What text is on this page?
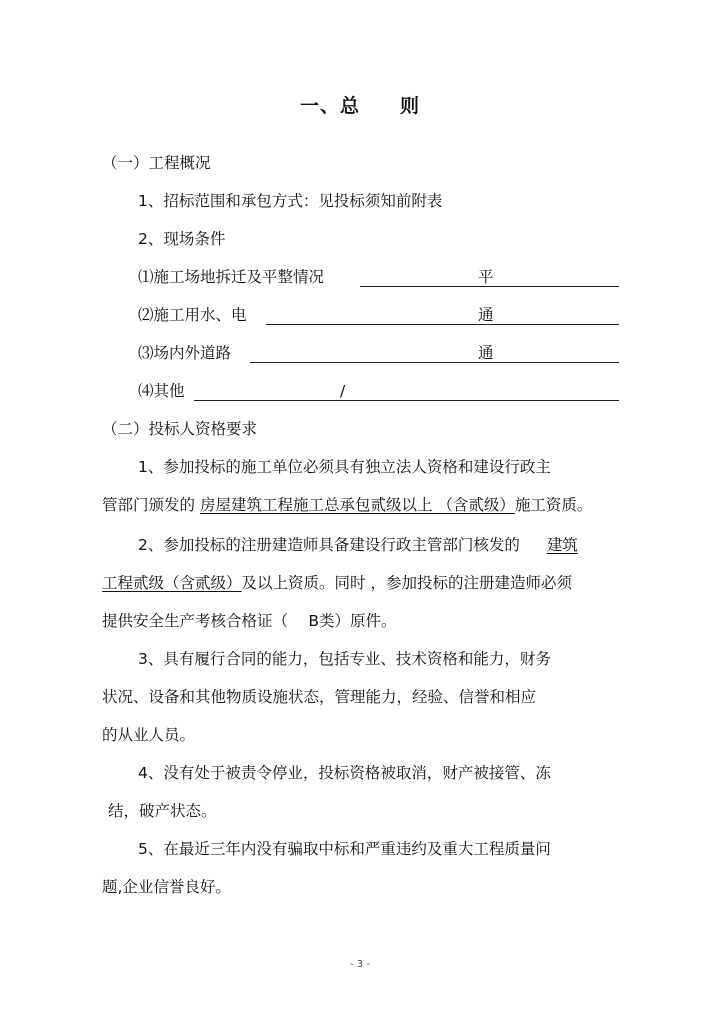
一、总 则
（一）工程概况
1、招标范围和承包方式：见投标须知前附表
2、现场条件
⑴施工场地拆迁及平整情况	平
⑵施工用水、电	通
⑶场内外道路	通
⑷其他	/
（二）投标人资格要求
1、参加投标的施工单位必须具有独立法人资格和建设行政主
管部门颁发的 房屋建筑工程施工总承包贰级以上 （含贰级）施工资质。
2、参加投标的注册建造师具备建设行政主管部门核发的 建筑
工程贰级（含贰级）及以上资质。同时 ，参加投标的注册建造师必须
提供安全生产考核合格证（　 B类）原件。
3、具有履行合同的能力，包括专业、技术资格和能力，财务
状况、设备和其他物质设施状态，管理能力，经验、信誉和相应
的从业人员。
4、没有处于被责令停业，投标资格被取消，财产被接管、冻
结，破产状态。
5、在最近三年内没有骗取中标和严重违约及重大工程质量问
题,企业信誉良好。
- 3 -
